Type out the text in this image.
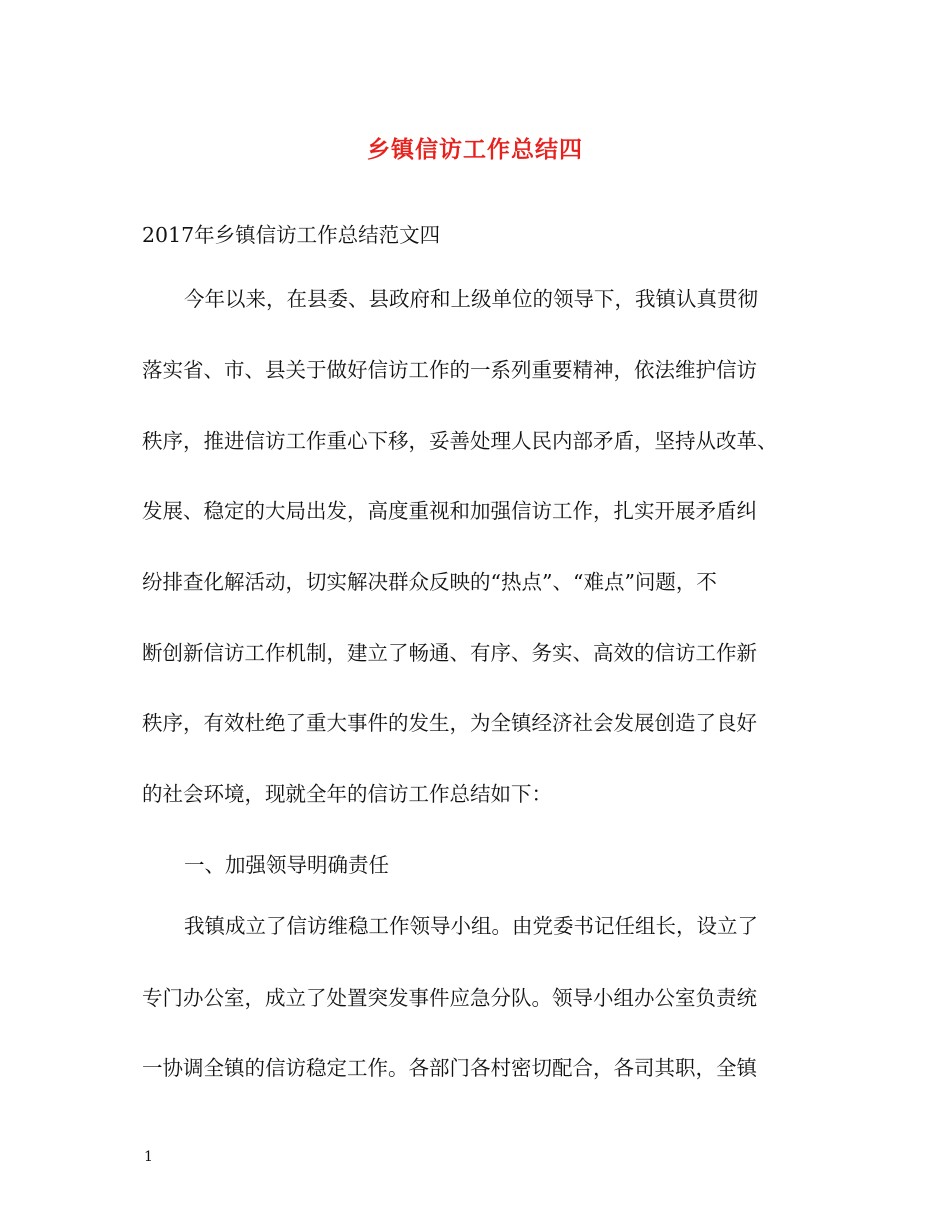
乡镇信访工作总结四
2017年乡镇信访工作总结范文四
今年以来，在县委、县政府和上级单位的领导下，我镇认真贯彻
落实省、市、县关于做好信访工作的一系列重要精神，依法维护信访
秩序，推进信访工作重心下移，妥善处理人民内部矛盾，坚持从改革、
发展、稳定的大局出发，高度重视和加强信访工作，扎实开展矛盾纠
纷排查化解活动，切实解决群众反映的“热点”、“难点”问题，不
断创新信访工作机制，建立了畅通、有序、务实、高效的信访工作新
秩序，有效杜绝了重大事件的发生，为全镇经济社会发展创造了良好
的社会环境，现就全年的信访工作总结如下：
一、加强领导明确责任
我镇成立了信访维稳工作领导小组。由党委书记任组长，设立了
专门办公室，成立了处置突发事件应急分队。领导小组办公室负责统
一协调全镇的信访稳定工作。各部门各村密切配合，各司其职，全镇
1
